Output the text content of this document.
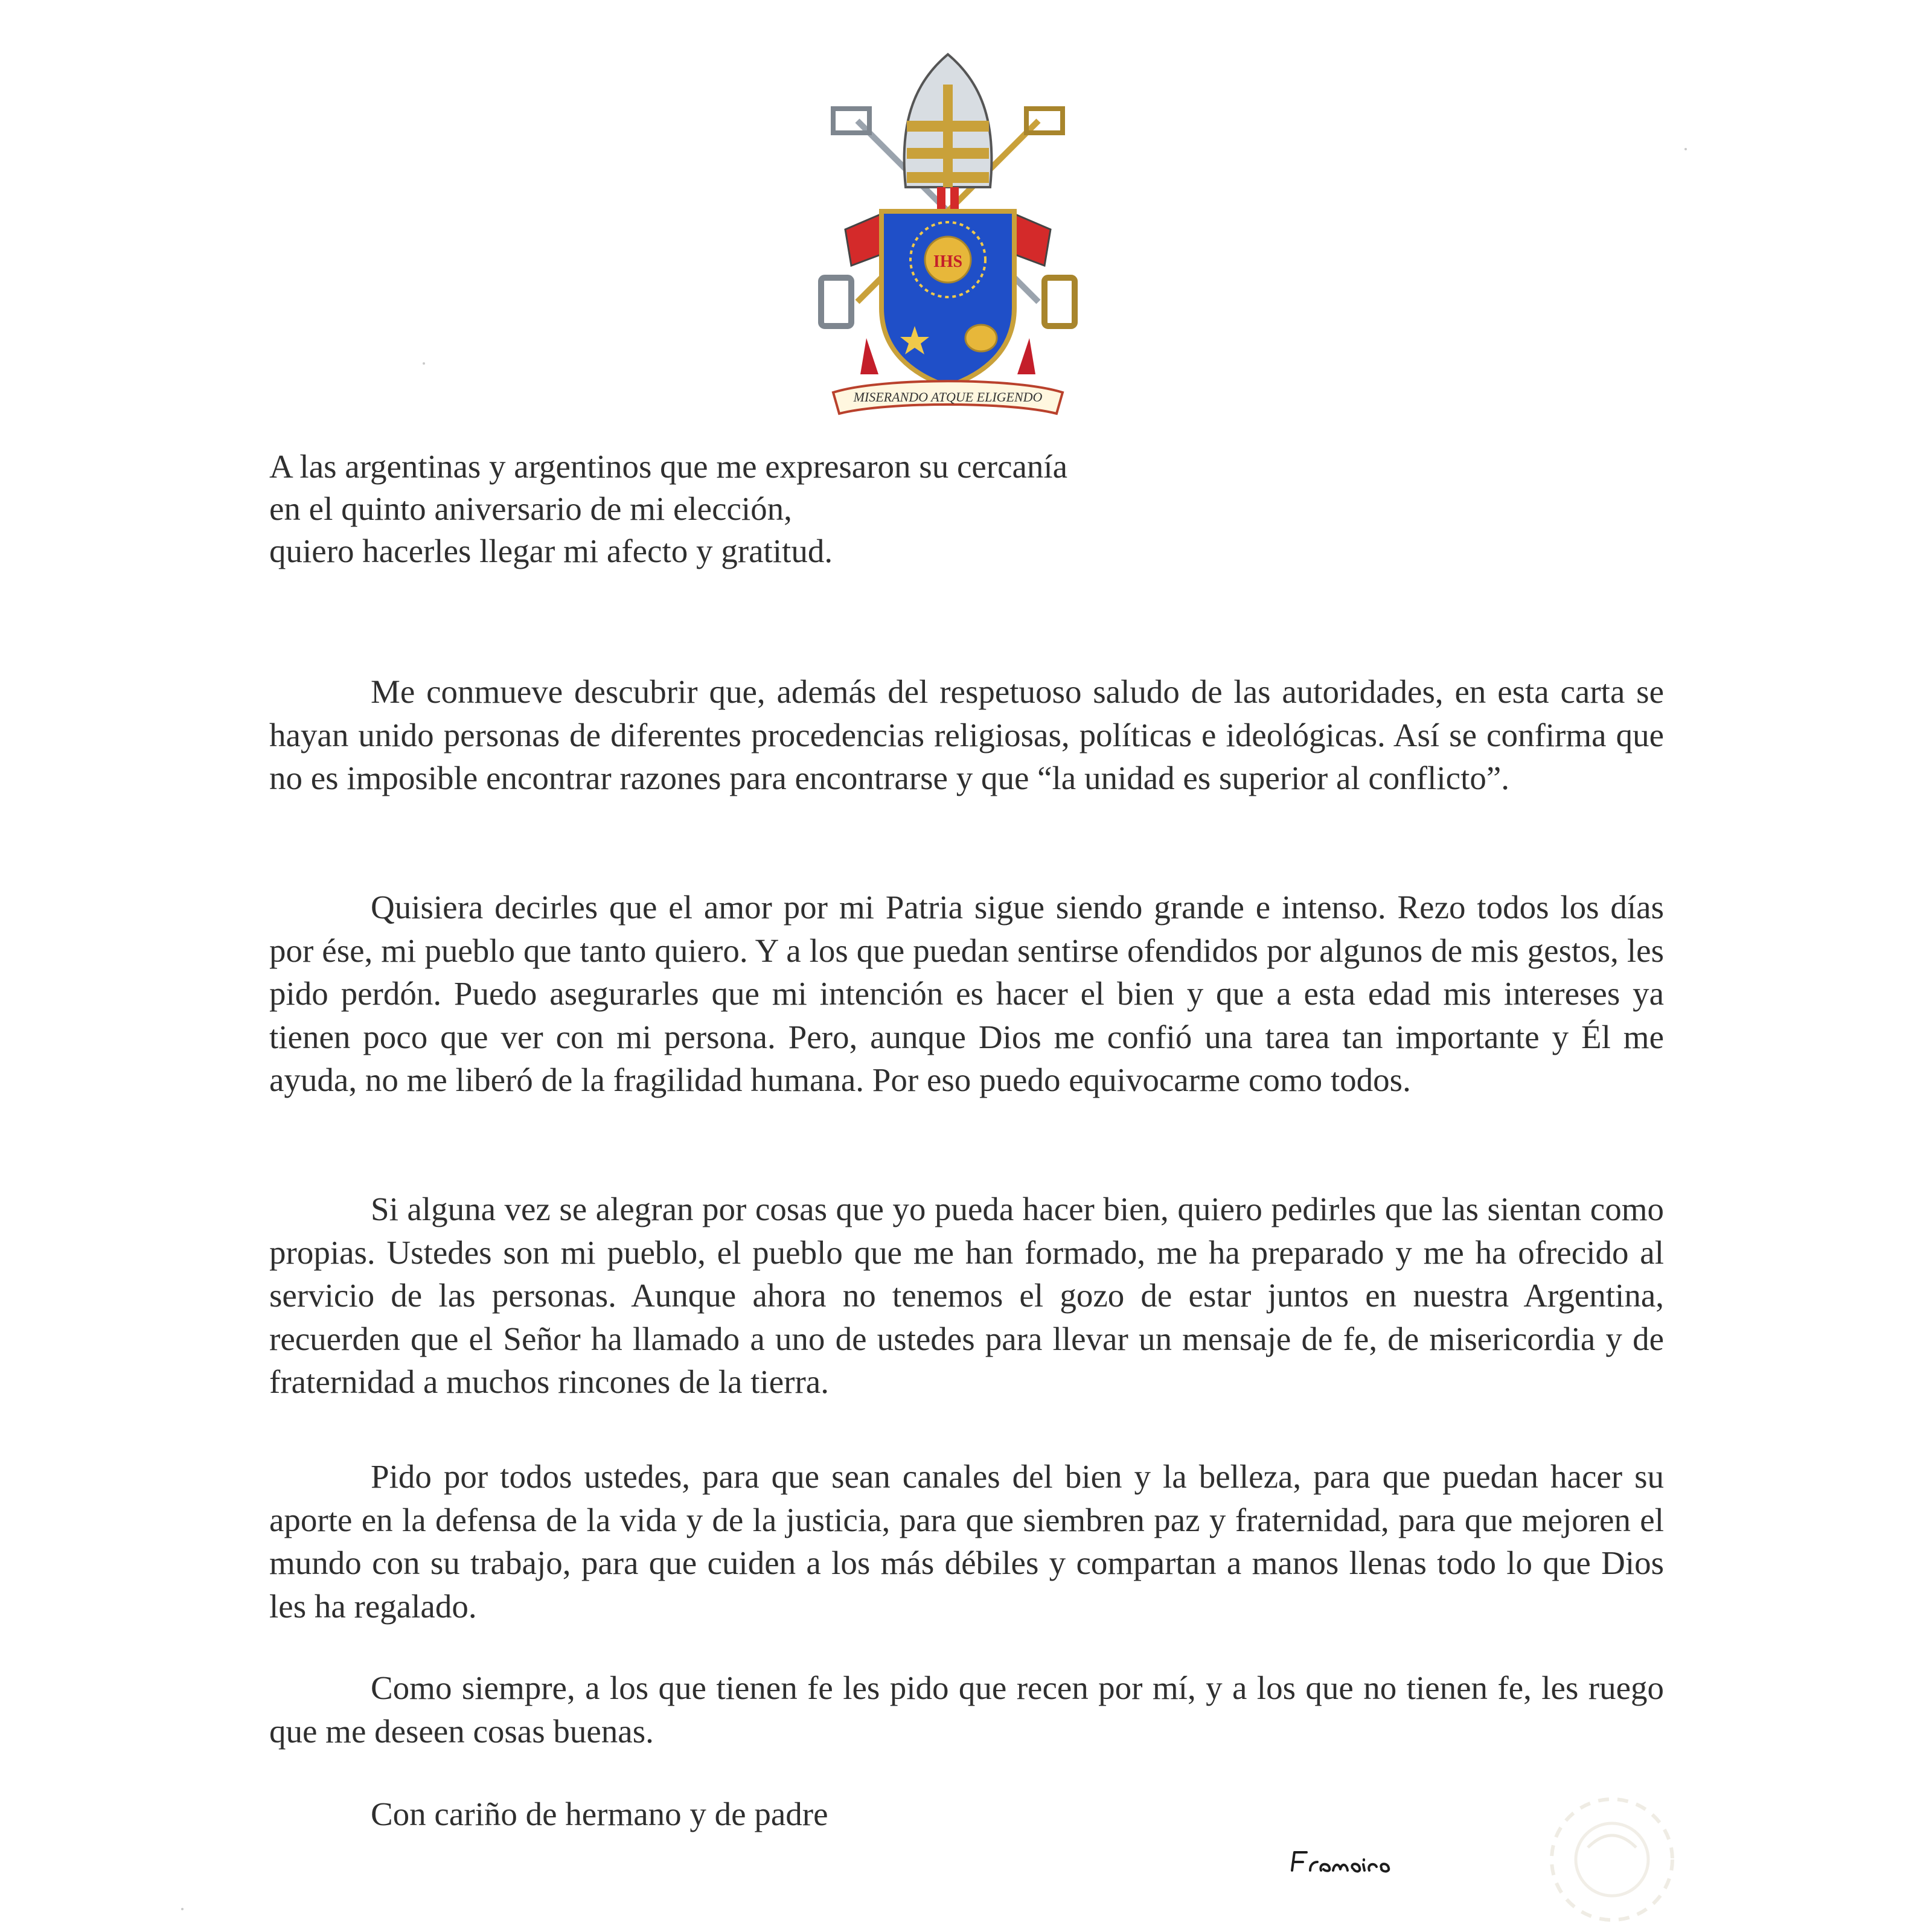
IHS
MISERANDO ATQUE ELIGENDO
A las argentinas y argentinos que me expresaron su cercanía
en el quinto aniversario de mi elección,
quiero hacerles llegar mi afecto y gratitud.

Me conmueve descubrir que, además del respetuoso saludo de las autoridades, en esta carta se hayan unido personas de diferentes procedencias religiosas, políticas e ideológicas. Así se confirma que no es imposible encontrar razones para encontrarse y que “la unidad es superior al conflicto”.

Quisiera decirles que el amor por mi Patria sigue siendo grande e intenso. Rezo todos los días por ése, mi pueblo que tanto quiero. Y a los que puedan sentirse ofendidos por algunos de mis gestos, les pido perdón. Puedo asegurarles que mi intención es hacer el bien y que a esta edad mis intereses ya tienen poco que ver con mi persona. Pero, aunque Dios me confió una tarea tan importante y Él me ayuda, no me liberó de la fragilidad humana. Por eso puedo equivocarme como todos.

Si alguna vez se alegran por cosas que yo pueda hacer bien, quiero pedirles que las sientan como propias. Ustedes son mi pueblo, el pueblo que me han formado, me ha preparado y me ha ofrecido al servicio de las personas. Aunque ahora no tenemos el gozo de estar juntos en nuestra Argentina, recuerden que el Señor ha llamado a uno de ustedes para llevar un mensaje de fe, de misericordia y de fraternidad a muchos rincones de la tierra.

Pido por todos ustedes, para que sean canales del bien y la belleza, para que puedan hacer su aporte en la defensa de la vida y de la justicia, para que siembren paz y fraternidad, para que mejoren el mundo con su trabajo, para que cuiden a los más débiles y compartan a manos llenas todo lo que Dios les ha regalado.

Como siempre, a los que tienen fe les pido que recen por mí, y a los que no tienen fe, les ruego que me deseen cosas buenas.

Con cariño de hermano y de padre
